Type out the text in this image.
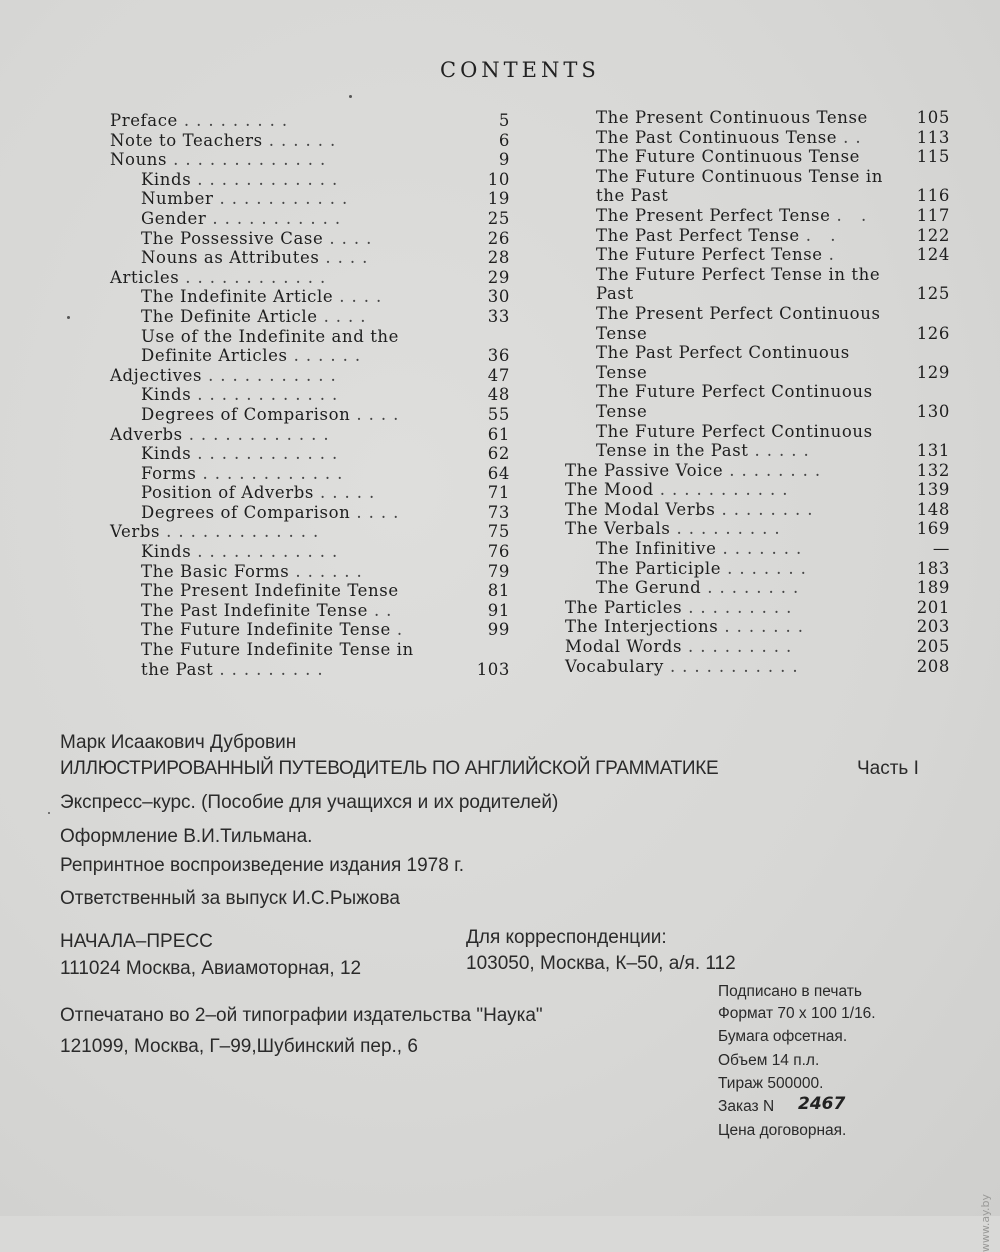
CONTENTS
Preface .........	5
Note to Teachers ......	6
Nouns .............	9
Kinds ............	10
Number ...........	19
Gender ...........	25
The Possessive Case ....	26
Nouns as Attributes ....	28
Articles ............	29
The Indefinite Article ....	30
The Definite Article ....	33
Use of the Indefinite and the
Definite Articles ......	36
Adjectives ...........	47
Kinds ............	48
Degrees of Comparison ....	55
Adverbs ............	61
Kinds ............	62
Forms ............	64
Position of Adverbs .....	71
Degrees of Comparison ....	73
Verbs .............	75
Kinds ............	76
The Basic Forms ......	79
The Present Indefinite Tense	81
The Past Indefinite Tense ..	91
The Future Indefinite Tense .	99
The Future Indefinite Tense in
the Past .........	103
The Present Continuous Tense	105
The Past Continuous Tense ..	113
The Future Continuous Tense	115
The Future Continuous Tense in
the Past	116
The Present Perfect Tense . .	117
The Past Perfect Tense . .	122
The Future Perfect Tense .	124
The Future Perfect Tense in the
Past	125
The Present Perfect Continuous
Tense	126
The Past Perfect Continuous
Tense	129
The Future Perfect Continuous
Tense	130
The Future Perfect Continuous
Tense in the Past .....	131
The Passive Voice ........	132
The Mood ...........	139
The Modal Verbs ........	148
The Verbals .........	169
The Infinitive .......	—
The Participle .......	183
The Gerund ........	189
The Particles .........	201
The Interjections .......	203
Modal Words .........	205
Vocabulary ...........	208
Марк Исаакович Дубровин
ИЛЛЮСТРИРОВАННЫЙ ПУТЕВОДИТЕЛЬ ПО АНГЛИЙСКОЙ ГРАММАТИКЕ	Часть I
Экспресс–курс. (Пособие для учащихся и их родителей)
Оформление В.И.Тильмана.
Репринтное воспроизведение издания 1978 г.
Ответственный за выпуск И.С.Рыжова
НАЧАЛА–ПРЕСС
111024 Москва, Авиамоторная, 12
Для корреспонденции:
103050, Москва, К–50, а/я. 112
Отпечатано во 2–ой типографии издательства "Наука"
121099, Москва, Г–99,Шубинский пер., 6
Подписано в печать
Формат 70 x 100 1/16.
Бумага офсетная.
Объем 14 п.л.
Тираж 500000.
Заказ N 2467
Цена договорная.
www.ay.by
